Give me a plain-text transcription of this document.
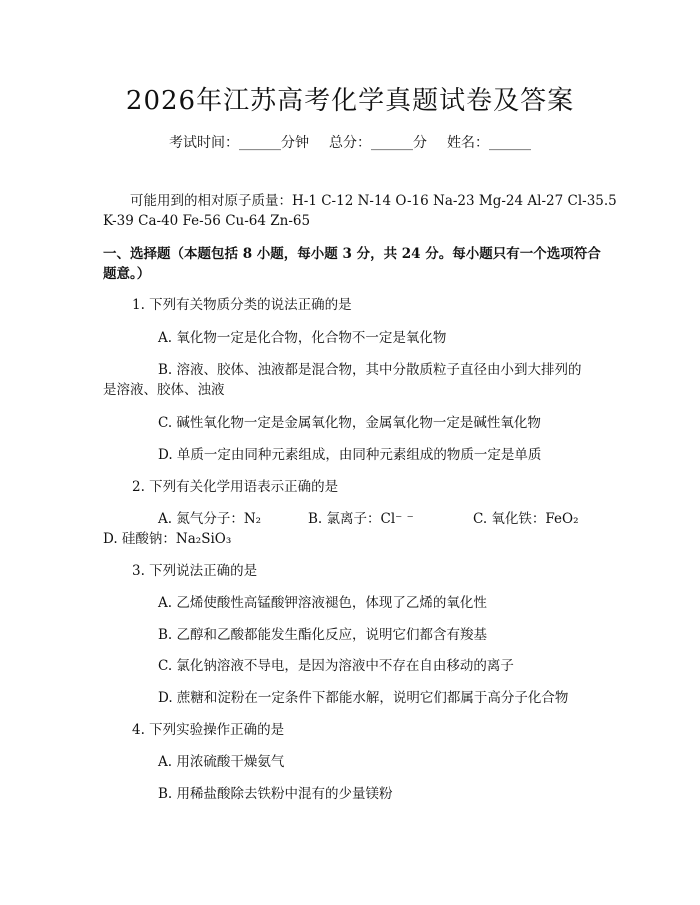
2026年江苏高考化学真题试卷及答案
考试时间：______分钟 总分：______分 姓名：______
可能用到的相对原子质量：H-1 C-12 N-14 O-16 Na-23 Mg-24 Al-27 Cl-35.5
K-39 Ca-40 Fe-56 Cu-64 Zn-65
一、选择题（本题包括 8 小题，每小题 3 分，共 24 分。每小题只有一个选项符合
题意。）
1. 下列有关物质分类的说法正确的是
A. 氧化物一定是化合物，化合物不一定是氧化物
B. 溶液、胶体、浊液都是混合物，其中分散质粒子直径由小到大排列的
是溶液、胶体、浊液
C. 碱性氧化物一定是金属氧化物，金属氧化物一定是碱性氧化物
D. 单质一定由同种元素组成，由同种元素组成的物质一定是单质
2. 下列有关化学用语表示正确的是
A. 氮气分子：N₂	B. 氯离子：Cl⁻ ⁻	C. 氧化铁：FeO₂
D. 硅酸钠：Na₂SiO₃
3. 下列说法正确的是
A. 乙烯使酸性高锰酸钾溶液褪色，体现了乙烯的氧化性
B. 乙醇和乙酸都能发生酯化反应，说明它们都含有羧基
C. 氯化钠溶液不导电，是因为溶液中不存在自由移动的离子
D. 蔗糖和淀粉在一定条件下都能水解，说明它们都属于高分子化合物
4. 下列实验操作正确的是
A. 用浓硫酸干燥氨气
B. 用稀盐酸除去铁粉中混有的少量镁粉
